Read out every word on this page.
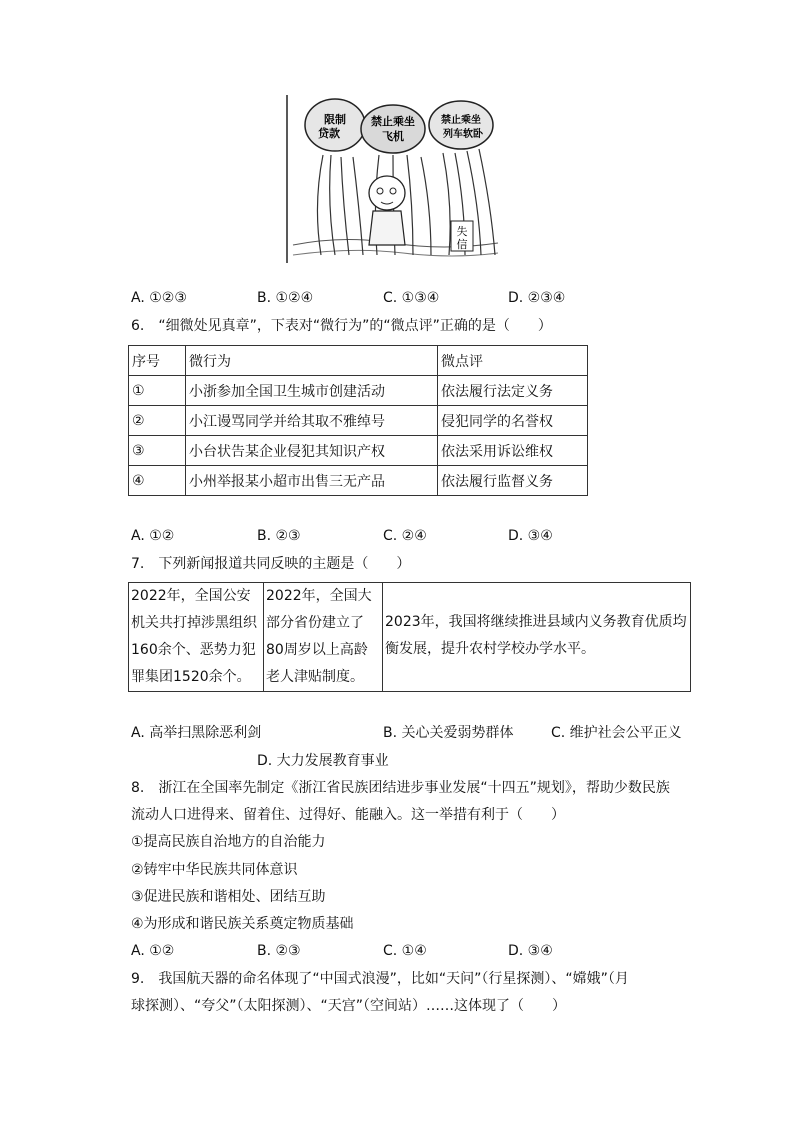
限制
贷款
禁止乘坐
飞机
禁止乘坐
列车软卧
失
信
A. ①②③	B. ①②④	C. ①③④	D. ②③④
6.　“细微处见真章”，下表对“微行为”的“微点评”正确的是（　　）
序号	微行为	微点评
①	小浙参加全国卫生城市创建活动	依法履行法定义务
②	小江谩骂同学并给其取不雅绰号	侵犯同学的名誉权
③	小台状告某企业侵犯其知识产权	依法采用诉讼维权
④	小州举报某小超市出售三无产品	依法履行监督义务
A. ①②	B. ②③	C. ②④	D. ③④
7.　下列新闻报道共同反映的主题是（　　）
2022年，全国公安机关共打掉涉黑组织160余个、恶势力犯罪集团1520余个。	2022年，全国大部分省份建立了80周岁以上高龄老人津贴制度。	2023年，我国将继续推进县域内义务教育优质均衡发展，提升农村学校办学水平。
A. 高举扫黑除恶利剑	B. 关心关爱弱势群体	C. 维护社会公平正义
D. 大力发展教育事业
8.　浙江在全国率先制定《浙江省民族团结进步事业发展“十四五”规划》，帮助少数民族
流动人口进得来、留着住、过得好、能融入。这一举措有利于（　　）
①提高民族自治地方的自治能力
②铸牢中华民族共同体意识
③促进民族和谐相处、团结互助
④为形成和谐民族关系奠定物质基础
A. ①②	B. ②③	C. ①④	D. ③④
9.　我国航天器的命名体现了“中国式浪漫”，比如“天问”（行星探测）、“嫦娥”（月
球探测）、“夸父”（太阳探测）、“天宫”（空间站）……这体现了（　　）
